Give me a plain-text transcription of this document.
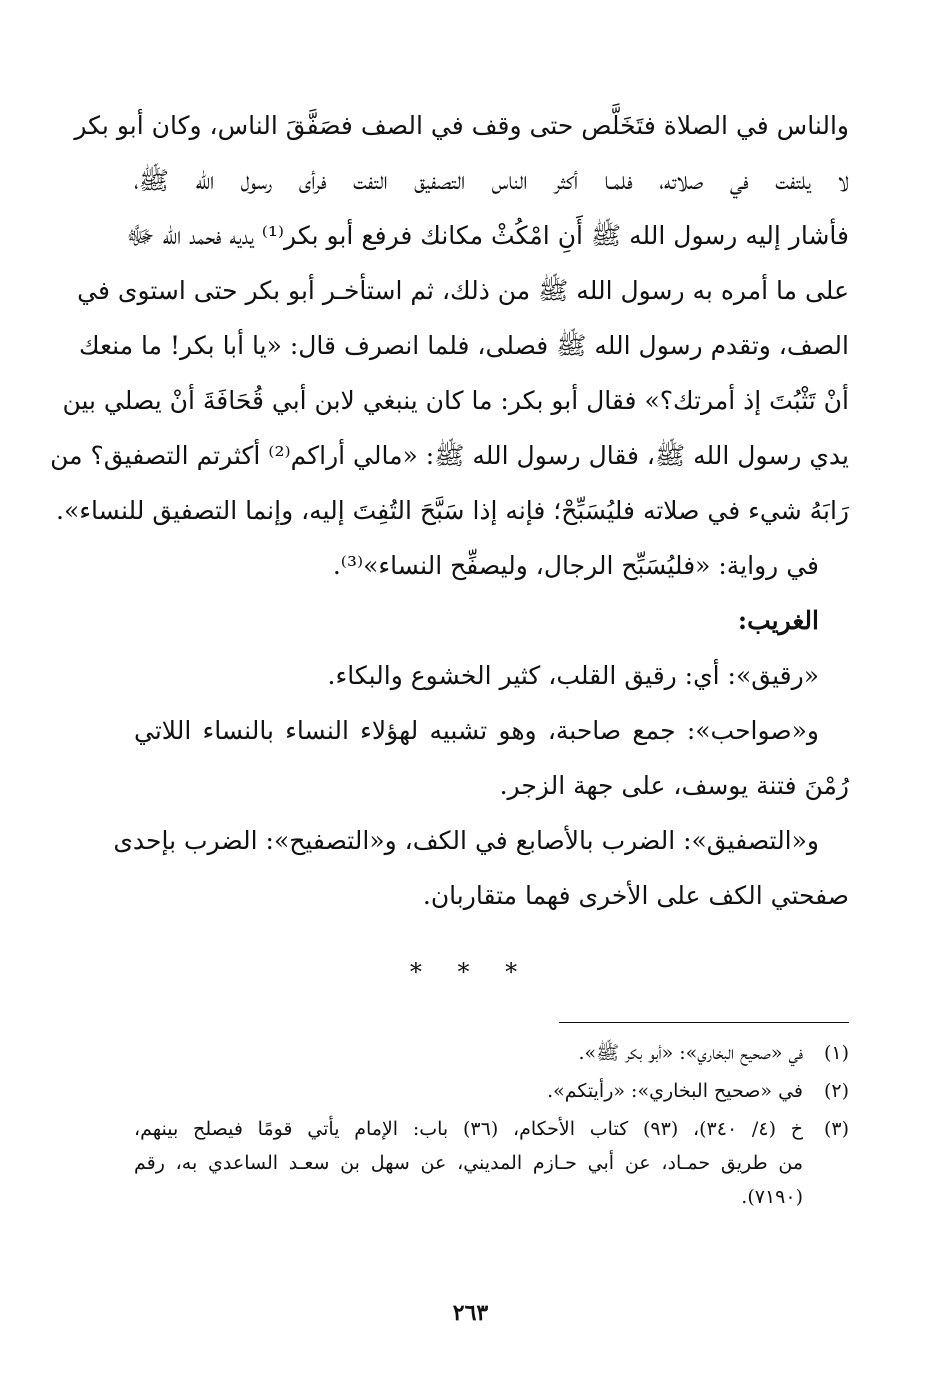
والناس في الصلاة فتَخَلَّص حتى وقف في الصف فصَفَّقَ الناس، وكان أبو بكر
لا يلتفت في صلاته، فلمـا أكثر الناس التصفيق التفت فرأى رسول الله ﷺ،
فأشار إليه رسول الله ﷺ أَنِ امْكُثْ مكانك فرفع أبو بكر⁽¹⁾ يديه فحمد الله ﷻ
على ما أمره به رسول الله ﷺ من ذلك، ثم استأخـر أبو بكر حتى استوى في
الصف، وتقدم رسول الله ﷺ فصلى، فلما انصرف قال: «يا أبا بكر! ما منعك
أنْ تَثْبُتَ إذ أمرتك؟» فقال أبو بكر: ما كان ينبغي لابن أبي قُحَافَةَ أنْ يصلي بين
يدي رسول الله ﷺ، فقال رسول الله ﷺ: «مالي أراكم⁽²⁾ أكثرتم التصفيق؟ من
رَابَهُ شيء في صلاته فليُسَبِّحْ؛ فإنه إذا سَبَّحَ التُفِتَ إليه، وإنما التصفيق للنساء».
في رواية: «فليُسَبِّح الرجال، وليصفِّح النساء»⁽³⁾.
الغريب:
«رقيق»: أي: رقيق القلب، كثير الخشوع والبكاء.
و«صواحب»: جمع صاحبة، وهو تشبيه لهؤلاء النساء بالنساء اللاتي
رُمْنَ فتنة يوسف، على جهة الزجر.
و«التصفيق»: الضرب بالأصابع في الكف، و«التصفيح»: الضرب بإحدى
صفحتي الكف على الأخرى فهما متقاربان.
* * *
(١)
في «صحيح البخاري»: «أبو بكر ﷺ».
(٢)
في «صحيح البخاري»: «رأيتكم».
(٣)
خ (٤/ ٣٤٠)، (٩٣) كتاب الأحكام، (٣٦) باب: الإمام يأتي قومًا فيصلح بينهم،
من طريق حمـاد، عن أبي حـازم المديني، عن سهل بن سعـد الساعدي به، رقم
(٧١٩٠).
٢٦٣
